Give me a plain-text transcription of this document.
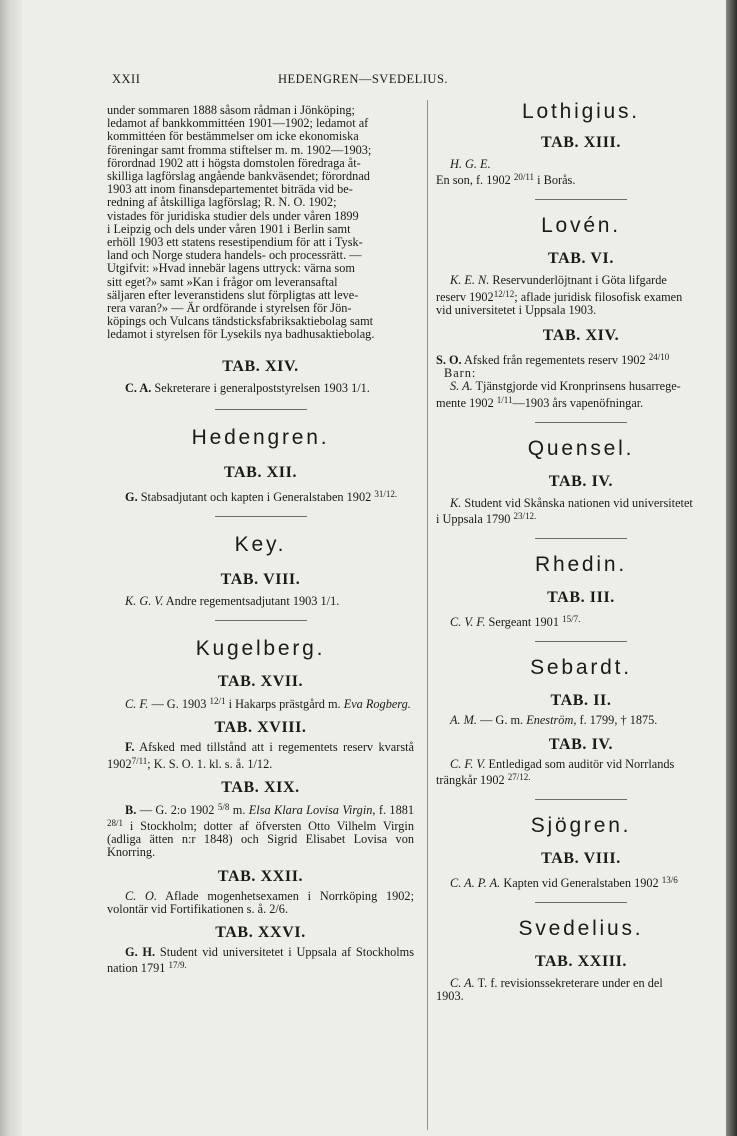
XXII	HEDENGREN—SVEDELIUS.

under sommaren 1888 såsom rådman i Jönköping;

ledamot af bankkommittéen 1901—1902; ledamot af

kommittéen för bestämmelser om icke ekonomiska

föreningar samt fromma stiftelser m. m. 1902—1903;

förordnad 1902 att i högsta domstolen föredraga åt-

skilliga lagförslag angående bankväsendet; förordnad

1903 att inom finansdepartementet biträda vid be-

redning af åtskilliga lagförslag; R. N. O. 1902;

vistades för juridiska studier dels under våren 1899

i Leipzig och dels under våren 1901 i Berlin samt

erhöll 1903 ett statens resestipendium för att i Tysk-

land och Norge studera handels- och processrätt. —

Utgifvit: »Hvad innebär lagens uttryck: värna som

sitt eget?» samt »Kan i frågor om leveransaftal

säljaren efter leveranstidens slut förpligtas att leve-

rera varan?» — Är ordförande i styrelsen för Jön-

köpings och Vulcans tändsticksfabriksaktiebolag samt

ledamot i styrelsen för Lysekils nya badhusaktiebolag.

TAB. XIV.

C. A. Sekreterare i generalpoststyrelsen 1903 1/1.

Hedengren.
TAB. XII.

G. Stabsadjutant och kapten i Generalstaben 1902 $^{31/12.}$

Key.
TAB. VIII.

K. G. V. Andre regementsadjutant 1903 1/1.

Kugelberg.
TAB. XVII.

C. F. — G. 1903 $^{12/1}$ i Hakarps prästgård m. Eva Rogberg.

TAB. XVIII.

F. Afsked med tillstånd att i regementets reserv kvarstå $1902^{7/11}$; K. S. O. 1. kl. s. å. 1/12.

TAB. XIX.

B. — G. 2:o 1902 $^{5/8}$ m. Elsa Klara Lovisa Virgin, f. 1881 $^{28/1}$ i Stockholm; dotter af öfversten Otto Vilhelm Virgin (adliga ätten n:r 1848) och Sigrid Elisabet Lovisa von Knorring.

TAB. XXII.

C. O. Aflade mogenhetsexamen i Norrköping 1902; volontär vid Fortifikationen s. å. 2/6.

TAB. XXVI.

G. H. Student vid universitetet i Uppsala af Stockholms nation 1791 $^{17/9.}$

Lothigius.
TAB. XIII.

H. G. E.
En son, f. 1902 $^{20/11}$ i Borås.

Lovén.
TAB. VI.

K. E. N. Reservunderlöjtnant i Göta lifgarde
reserv $1902^{12/12}$; aflade juridisk filosofisk examen
vid universitetet i Uppsala 1903.

TAB. XIV.

S. O. Afsked från regementets reserv 1902 $^{24/10}$
Barn:
S. A. Tjänstgjorde vid Kronprinsens husarrege-
mente 1902 $^{1/11}$—1903 års vapenöfningar.

Quensel.
TAB. IV.

K. Student vid Skånska nationen vid universitetet
i Uppsala 1790 $^{23/12.}$

Rhedin.
TAB. III.

C. V. F. Sergeant 1901 $^{15/7.}$

Sebardt.
TAB. II.

A. M. — G. m. Eneström, f. 1799, † 1875.

TAB. IV.

C. F. V. Entledigad som auditör vid Norrlands
trängkår 1902 $^{27/12.}$

Sjögren.
TAB. VIII.

C. A. P. A. Kapten vid Generalstaben 1902 $^{13/6}$

Svedelius.
TAB. XXIII.

C. A. T. f. revisionssekreterare under en del
1903.
